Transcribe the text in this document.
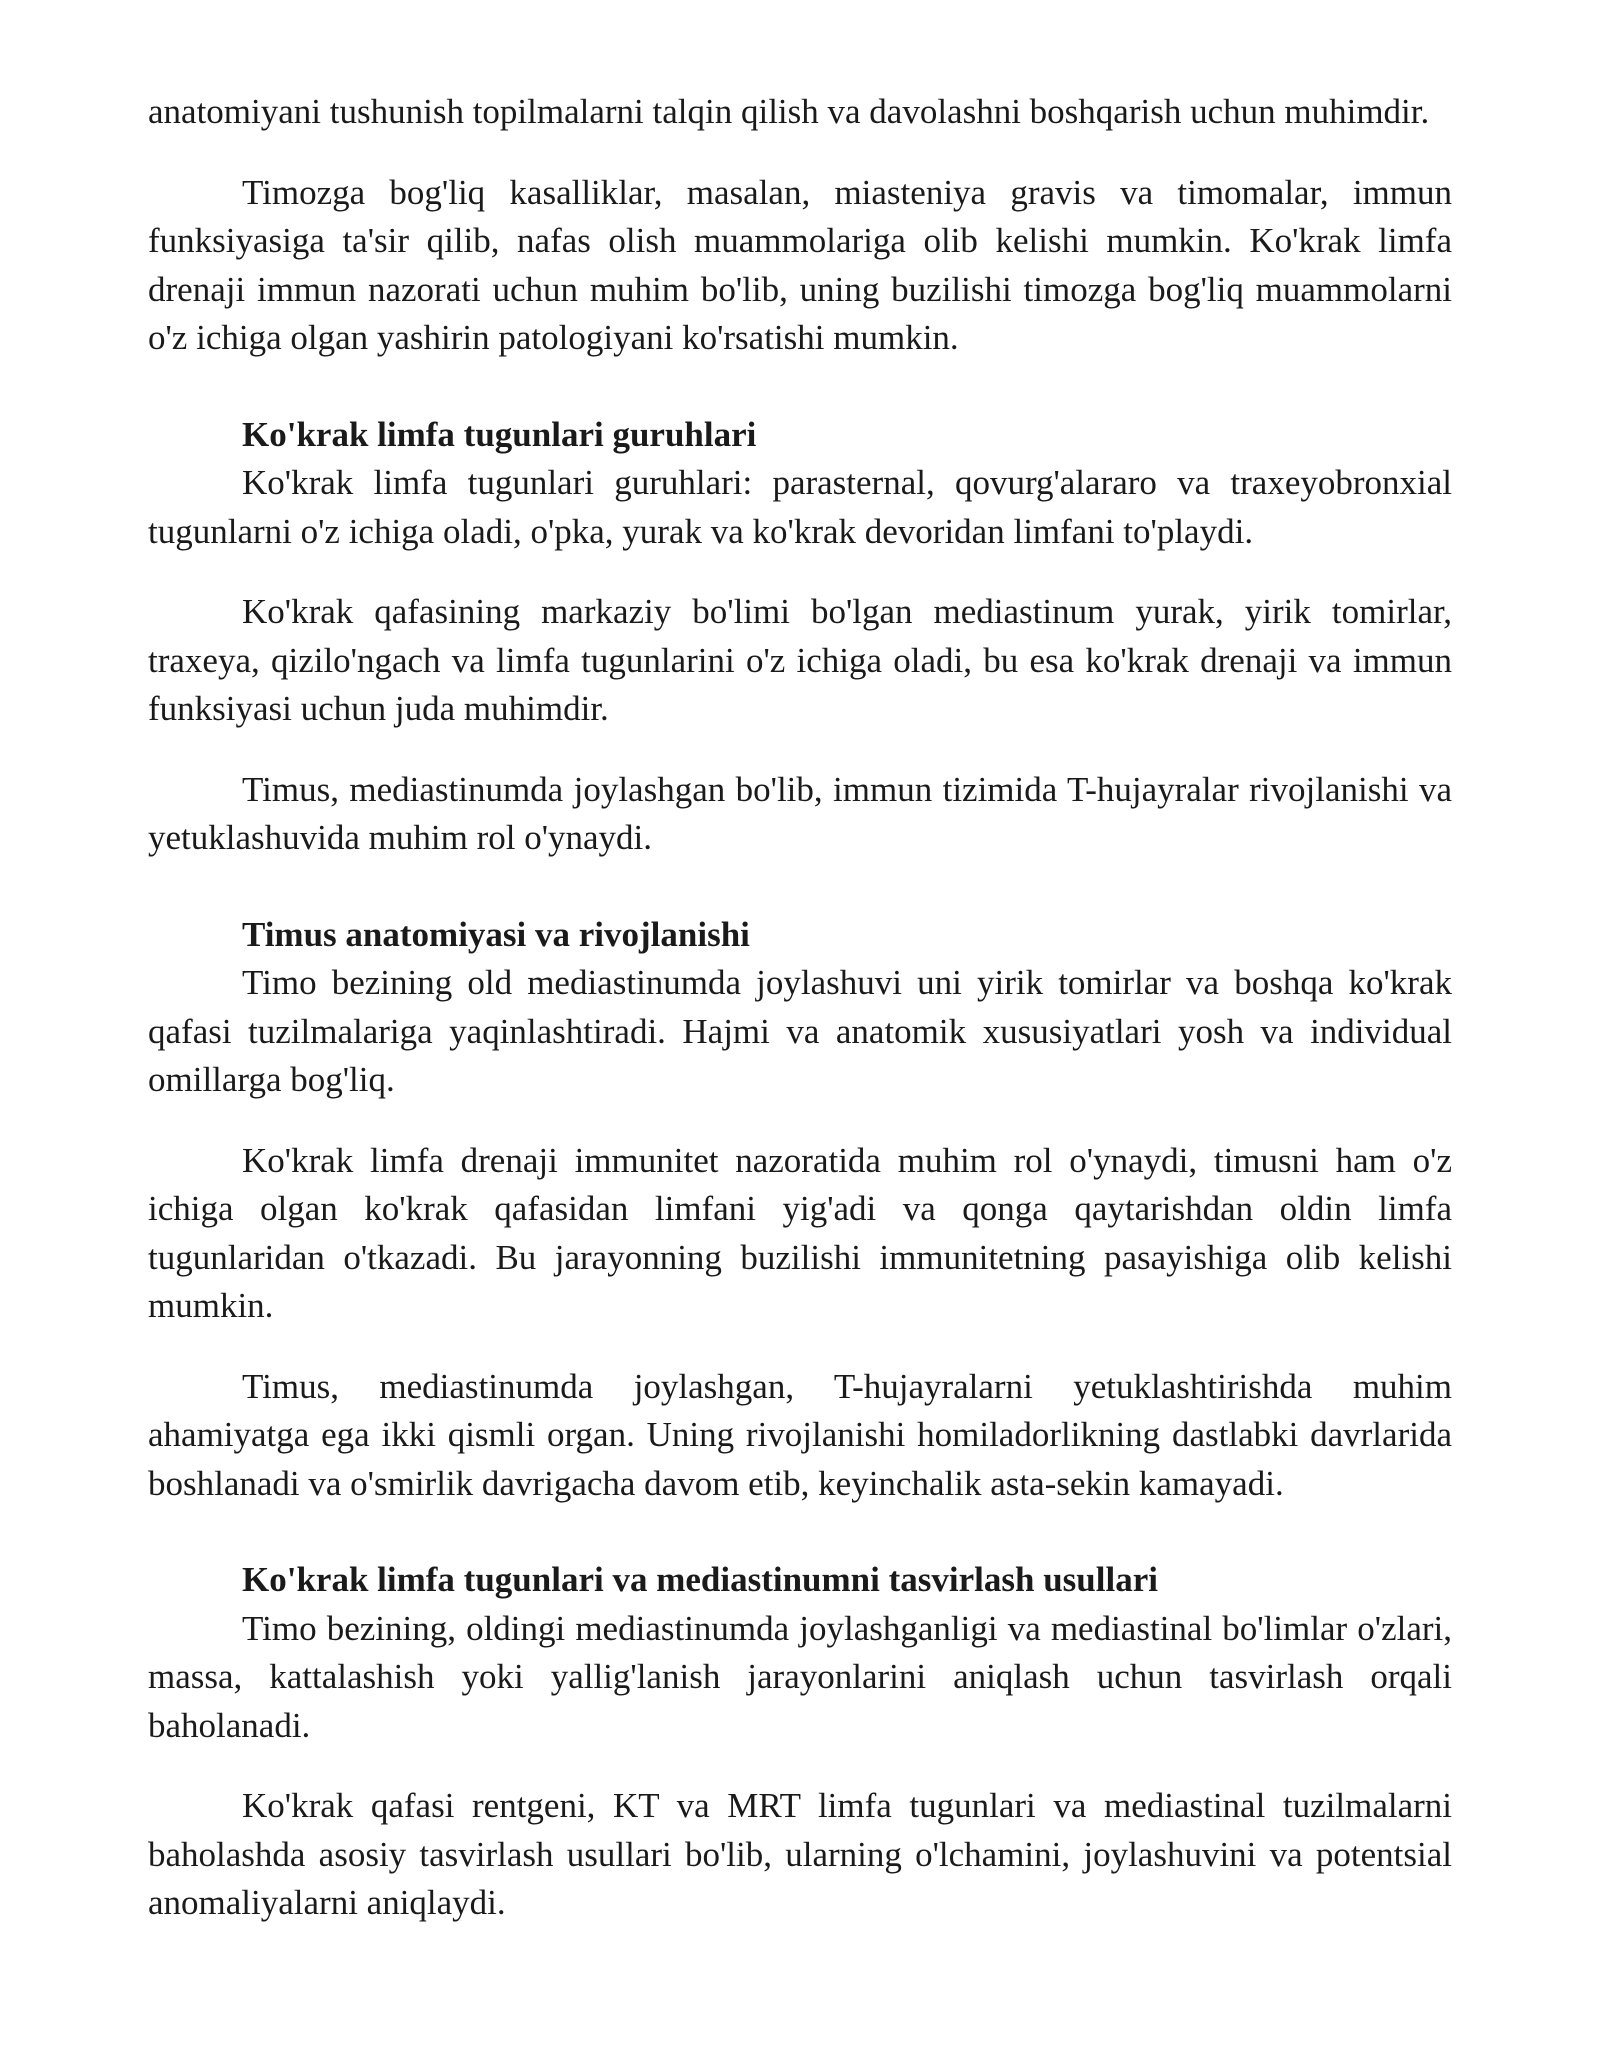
anatomiyani tushunish topilmalarni talqin qilish va davolashni boshqarish uchun muhimdir.

Timozga bog'liq kasalliklar, masalan, miasteniya gravis va timomalar, immun funksiyasiga ta'sir qilib, nafas olish muammolariga olib kelishi mumkin. Ko'krak limfa drenaji immun nazorati uchun muhim bo'lib, uning buzilishi timozga bog'liq muammolarni o'z ichiga olgan yashirin patologiyani ko'rsatishi mumkin.

Ko'krak limfa tugunlari guruhlari

Ko'krak limfa tugunlari guruhlari: parasternal, qovurg'alararo va traxeyobronxial tugunlarni o'z ichiga oladi, o'pka, yurak va ko'krak devoridan limfani to'playdi.

Ko'krak qafasining markaziy bo'limi bo'lgan mediastinum yurak, yirik tomirlar, traxeya, qizilo'ngach va limfa tugunlarini o'z ichiga oladi, bu esa ko'krak drenaji va immun funksiyasi uchun juda muhimdir.

Timus, mediastinumda joylashgan bo'lib, immun tizimida T-hujayralar rivojlanishi va yetuklashuvida muhim rol o'ynaydi.

Timus anatomiyasi va rivojlanishi

Timo bezining old mediastinumda joylashuvi uni yirik tomirlar va boshqa ko'krak qafasi tuzilmalariga yaqinlashtiradi. Hajmi va anatomik xususiyatlari yosh va individual omillarga bog'liq.

Ko'krak limfa drenaji immunitet nazoratida muhim rol o'ynaydi, timusni ham o'z ichiga olgan ko'krak qafasidan limfani yig'adi va qonga qaytarishdan oldin limfa tugunlaridan o'tkazadi. Bu jarayonning buzilishi immunitetning pasayishiga olib kelishi mumkin.

Timus, mediastinumda joylashgan, T-hujayralarni yetuklashtirishda muhim ahamiyatga ega ikki qismli organ. Uning rivojlanishi homiladorlikning dastlabki davrlarida boshlanadi va o'smirlik davrigacha davom etib, keyinchalik asta-sekin kamayadi.

Ko'krak limfa tugunlari va mediastinumni tasvirlash usullari

Timo bezining, oldingi mediastinumda joylashganligi va mediastinal bo'limlar o'zlari, massa, kattalashish yoki yallig'lanish jarayonlarini aniqlash uchun tasvirlash orqali baholanadi.

Ko'krak qafasi rentgeni, KT va MRT limfa tugunlari va mediastinal tuzilmalarni baholashda asosiy tasvirlash usullari bo'lib, ularning o'lchamini, joylashuvini va potentsial anomaliyalarni aniqlaydi.
